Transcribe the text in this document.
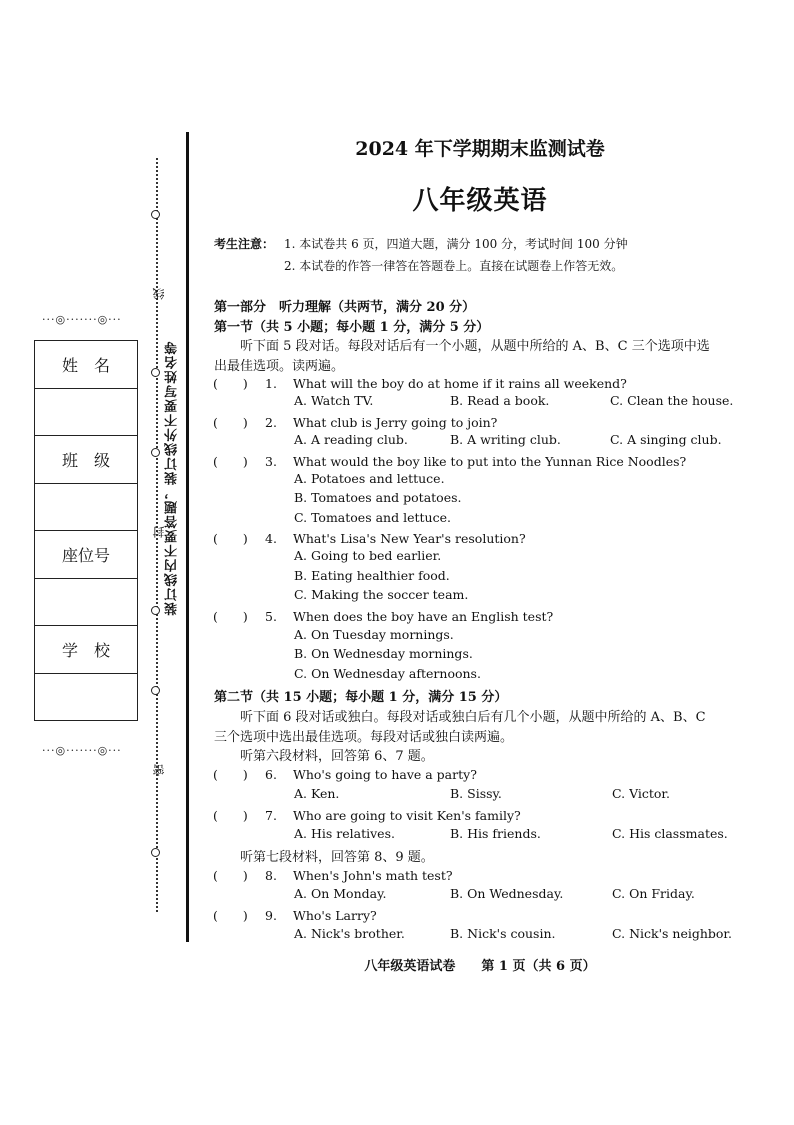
···◎·······◎···
姓　名

班　级

座位号

学　校

···◎·······◎···
线
封
密
装订线内不要答题，装订线外不要写姓名等
2024 年下学期期末监测试卷
八年级英语
考生注意： 1. 本试卷共 6 页，四道大题，满分 100 分，考试时间 100 分钟
2. 本试卷的作答一律答在答题卷上。直接在试题卷上作答无效。
第一部分　听力理解（共两节，满分 20 分）
第一节（共 5 小题；每小题 1 分，满分 5 分）
听下面 5 段对话。每段对话后有一个小题，从题中所给的 A、B、C 三个选项中选
出最佳选项。读两遍。
(　　) 1. What will the boy do at home if it rains all weekend?
A. Watch TV.	B. Read a book.	C. Clean the house.
(　　) 2. What club is Jerry going to join?
A. A reading club.	B. A writing club.	C. A singing club.
(　　) 3. What would the boy like to put into the Yunnan Rice Noodles?
A. Potatoes and lettuce.
B. Tomatoes and potatoes.
C. Tomatoes and lettuce.
(　　) 4. What's Lisa's New Year's resolution?
A. Going to bed earlier.
B. Eating healthier food.
C. Making the soccer team.
(　　) 5. When does the boy have an English test?
A. On Tuesday mornings.
B. On Wednesday mornings.
C. On Wednesday afternoons.
第二节（共 15 小题；每小题 1 分，满分 15 分）
听下面 6 段对话或独白。每段对话或独白后有几个小题，从题中所给的 A、B、C
三个选项中选出最佳选项。每段对话或独白读两遍。
听第六段材料，回答第 6、7 题。
(　　) 6. Who's going to have a party?
A. Ken.	B. Sissy.	C. Victor.
(　　) 7. Who are going to visit Ken's family?
A. His relatives.	B. His friends.	C. His classmates.
听第七段材料，回答第 8、9 题。
(　　) 8. When's John's math test?
A. On Monday.	B. On Wednesday.	C. On Friday.
(　　) 9. Who's Larry?
A. Nick's brother.	B. Nick's cousin.	C. Nick's neighbor.
八年级英语试卷　　第 1 页（共 6 页）
